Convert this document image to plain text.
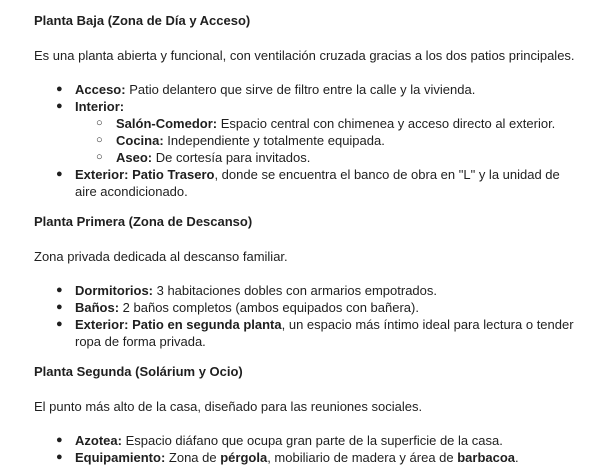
Planta Baja (Zona de Día y Acceso)

Es una planta abierta y funcional, con ventilación cruzada gracias a los dos patios principales.

● Acceso: Patio delantero que sirve de filtro entre la calle y la vivienda.
● Interior:
○ Salón-Comedor: Espacio central con chimenea y acceso directo al exterior.
○ Cocina: Independiente y totalmente equipada.
○ Aseo: De cortesía para invitados.
● Exterior: Patio Trasero, donde se encuentra el banco de obra en "L" y la unidad de aire acondicionado.
Planta Primera (Zona de Descanso)

Zona privada dedicada al descanso familiar.

● Dormitorios: 3 habitaciones dobles con armarios empotrados.
● Baños: 2 baños completos (ambos equipados con bañera).
● Exterior: Patio en segunda planta, un espacio más íntimo ideal para lectura o tender ropa de forma privada.
Planta Segunda (Solárium y Ocio)

El punto más alto de la casa, diseñado para las reuniones sociales.

● Azotea: Espacio diáfano que ocupa gran parte de la superficie de la casa.
● Equipamiento: Zona de pérgola, mobiliario de madera y área de barbacoa.
